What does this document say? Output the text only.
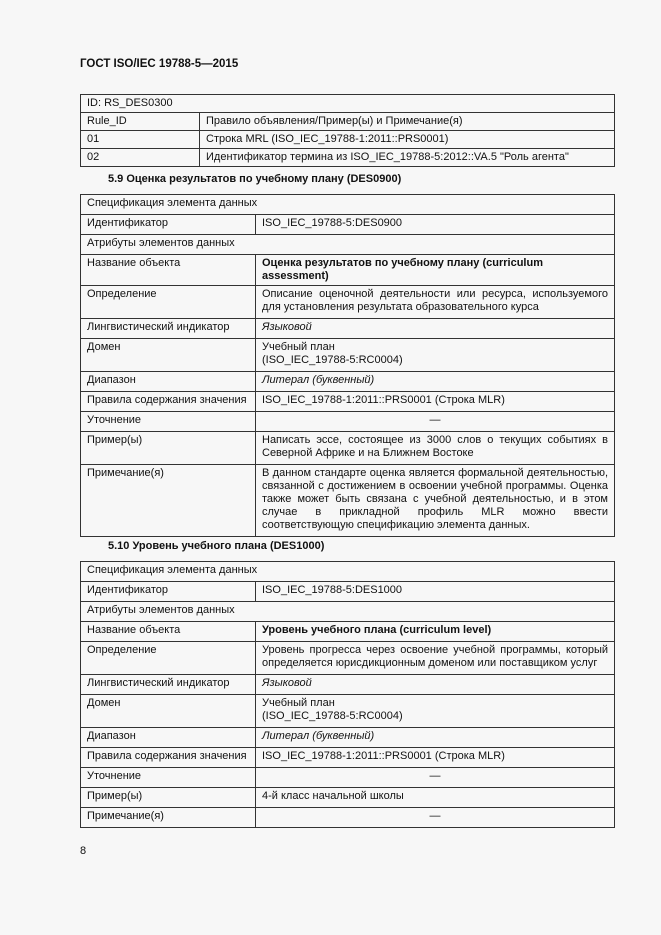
ГОСТ ISO/IEC 19788-5—2015
ID: RS_DES0300	
Rule_ID	Правило объявления/Пример(ы) и Примечание(я)
01	Строка MRL (ISO_IEC_19788-1:2011::PRS0001)
02	Идентификатор термина из ISO_IEC_19788-5:2012::VA.5 "Роль агента"
5.9 Оценка результатов по учебному плану (DES0900)
Спецификация элемента данных	
Идентификатор	ISO_IEC_19788-5:DES0900
Атрибуты элементов данных	
Название объекта	Оценка результатов по учебному плану (curriculum assessment)
Определение	Описание оценочной деятельности или ресурса, используемого для установления результата образовательного курса
Лингвистический индикатор	Языковой
Домен	Учебный план
(ISO_IEC_19788-5:RC0004)

Диапазон	Литерал (буквенный)
Правила содержания значения	ISO_IEC_19788-1:2011::PRS0001 (Строка MLR)
Уточнение	—
Пример(ы)	Написать эссе, состоящее из 3000 слов о текущих событиях в Северной Африке и на Ближнем Востоке
Примечание(я)	В данном стандарте оценка является формальной деятельностью, связанной с достижением в освоении учебной программы. Оценка также может быть связана с учебной деятельностью, и в этом случае в прикладной профиль MLR можно ввести соответствующую спецификацию элемента данных.
5.10 Уровень учебного плана (DES1000)
Спецификация элемента данных	
Идентификатор	ISO_IEC_19788-5:DES1000
Атрибуты элементов данных	
Название объекта	Уровень учебного плана (curriculum level)
Определение	Уровень прогресса через освоение учебной программы, который определяется юрисдикционным доменом или поставщиком услуг
Лингвистический индикатор	Языковой
Домен	Учебный план
(ISO_IEC_19788-5:RC0004)

Диапазон	Литерал (буквенный)
Правила содержания значения	ISO_IEC_19788-1:2011::PRS0001 (Строка MLR)
Уточнение	—
Пример(ы)	4-й класс начальной школы
Примечание(я)	—
8
